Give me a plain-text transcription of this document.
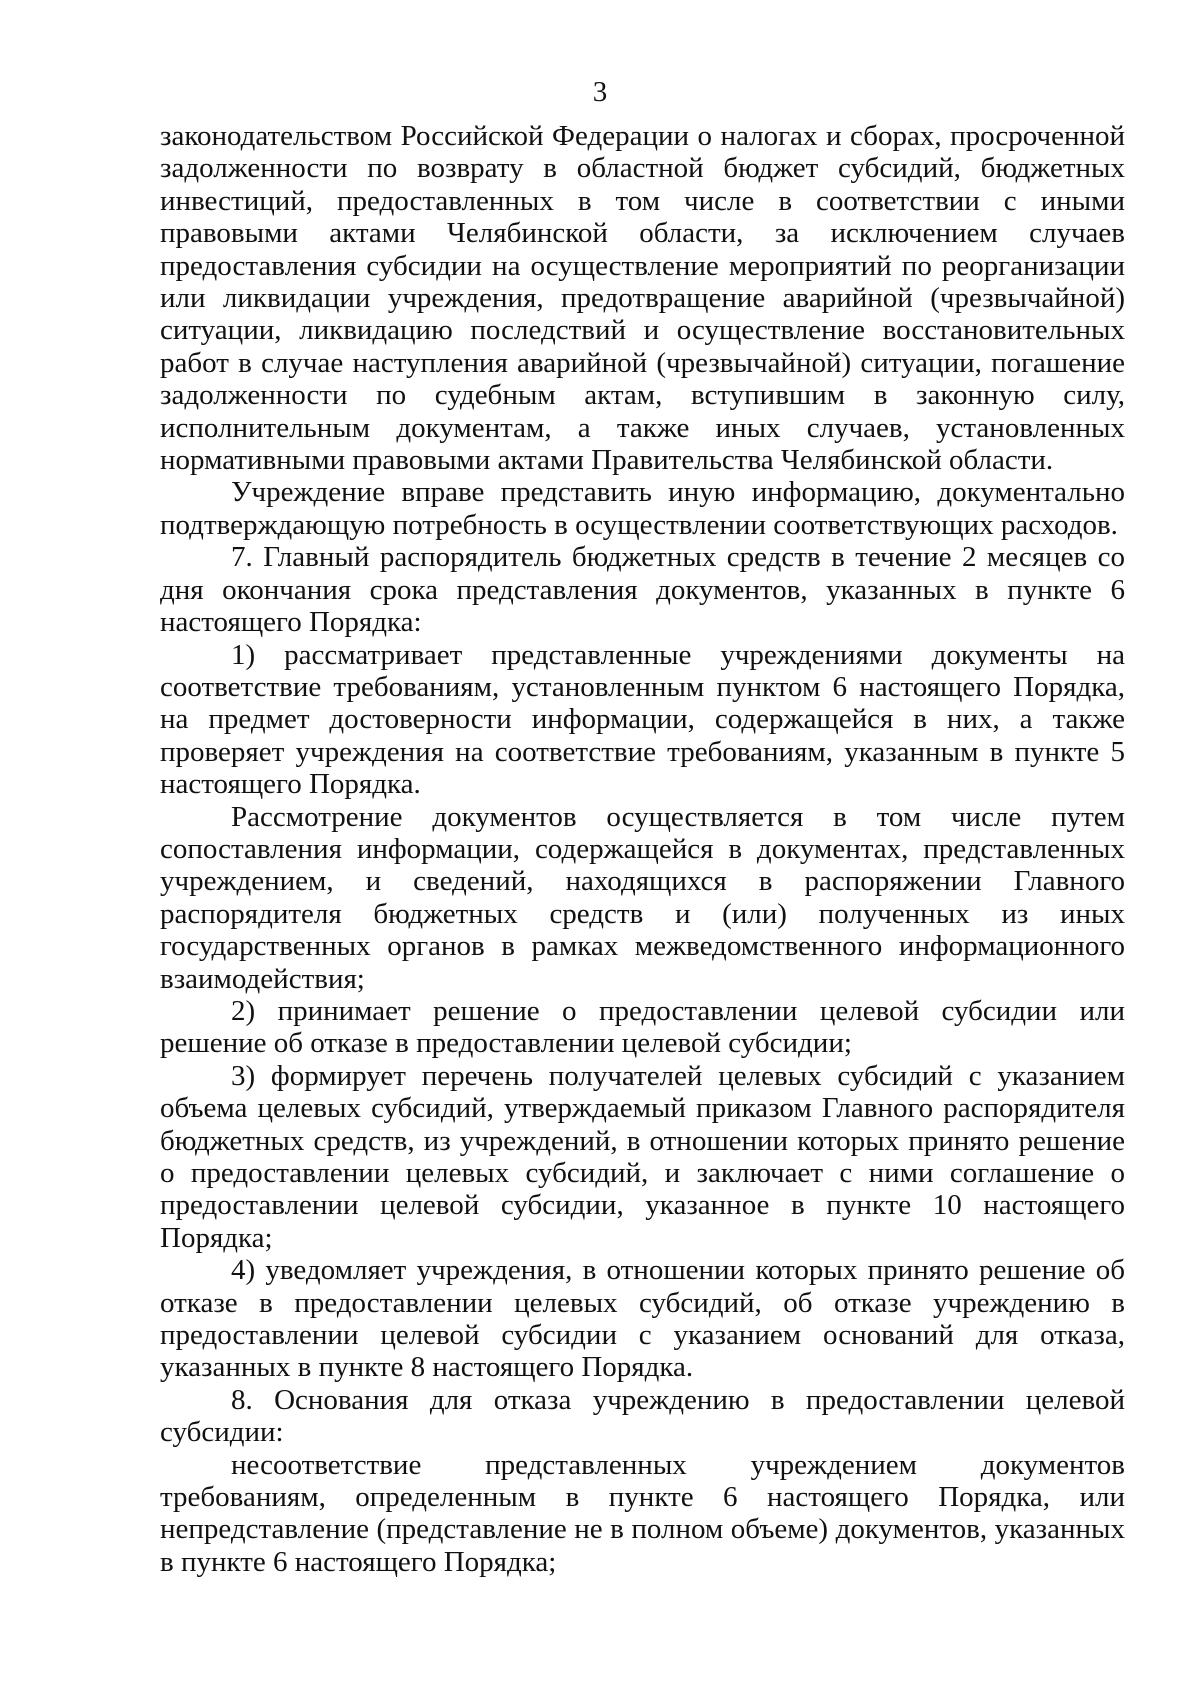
3

законодательством Российской Федерации о налогах и сборах, просроченной задолженности по возврату в областной бюджет субсидий, бюджетных инвестиций, предоставленных в том числе в соответствии с иными правовыми актами Челябинской области, за исключением случаев предоставления субсидии на осуществление мероприятий по реорганизации или ликвидации учреждения, предотвращение аварийной (чрезвычайной) ситуации, ликвидацию последствий и осуществление восстановительных работ в случае наступления аварийной (чрезвычайной) ситуации, погашение задолженности по судебным актам, вступившим в законную силу, исполнительным документам, а также иных случаев, установленных нормативными правовыми актами Правительства Челябинской области.

Учреждение вправе представить иную информацию, документально подтверждающую потребность в осуществлении соответствующих расходов.

7. Главный распорядитель бюджетных средств в течение 2 месяцев со дня окончания срока представления документов, указанных в пункте 6 настоящего Порядка:

1) рассматривает представленные учреждениями документы на соответствие требованиям, установленным пунктом 6 настоящего Порядка, на предмет достоверности информации, содержащейся в них, а также проверяет учреждения на соответствие требованиям, указанным в пункте 5 настоящего Порядка.

Рассмотрение документов осуществляется в том числе путем сопоставления информации, содержащейся в документах, представленных учреждением, и сведений, находящихся в распоряжении Главного распорядителя бюджетных средств и (или) полученных из иных государственных органов в рамках межведомственного информационного взаимодействия;

2) принимает решение о предоставлении целевой субсидии или решение об отказе в предоставлении целевой субсидии;

3) формирует перечень получателей целевых субсидий с указанием объема целевых субсидий, утверждаемый приказом Главного распорядителя бюджетных средств, из учреждений, в отношении которых принято решение о предоставлении целевых субсидий, и заключает с ними соглашение о предоставлении целевой субсидии, указанное в пункте 10 настоящего Порядка;

4) уведомляет учреждения, в отношении которых принято решение об отказе в предоставлении целевых субсидий, об отказе учреждению в предоставлении целевой субсидии с указанием оснований для отказа, указанных в пункте 8 настоящего Порядка.

8. Основания для отказа учреждению в предоставлении целевой субсидии:

несоответствие представленных учреждением документов требованиям, определенным в пункте 6 настоящего Порядка, или непредставление (представление не в полном объеме) документов, указанных в пункте 6 настоящего Порядка;
